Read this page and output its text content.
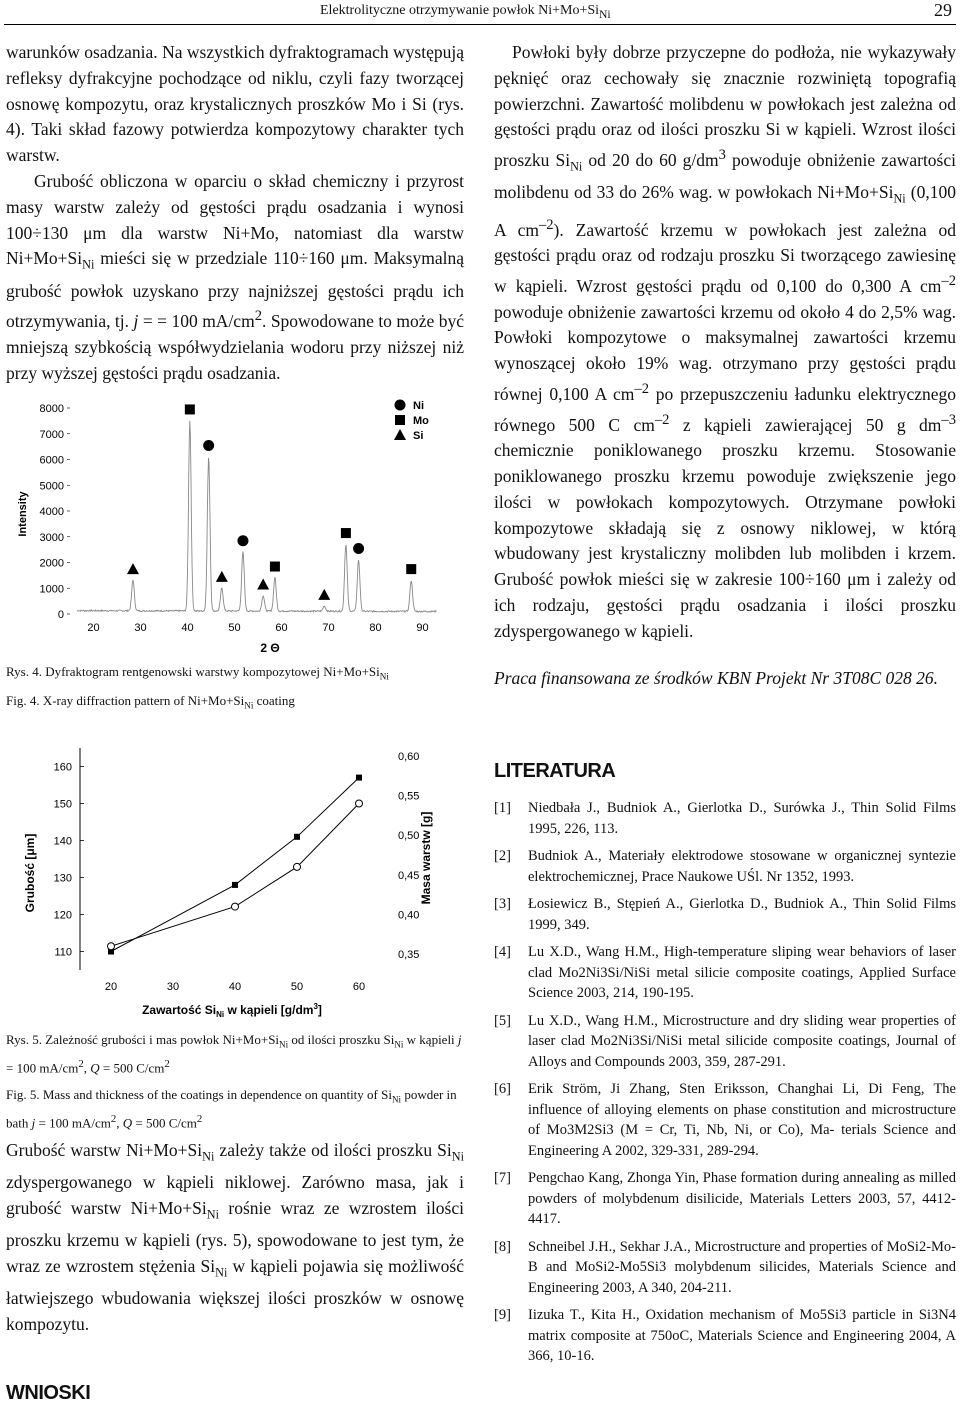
Elektrolityczne otrzymywanie powłok $Ni+Mo+Si_{Ni}$	29

warunków osadzania. Na wszystkich dyfraktogramach występują refleksy dyfrakcyjne pochodzące od niklu, czyli fazy tworzącej osnowę kompozytu, oraz krystalicznych proszków Mo i Si (rys. 4). Taki skład fazowy potwierdza kompozytowy charakter tych warstw.

Grubość obliczona w oparciu o skład chemiczny i przyrost masy warstw zależy od gęstości prądu osadzania i wynosi 100÷130 μm dla warstw Ni+Mo, natomiast dla warstw $Ni+Mo+Si_{Ni}$ mieści się w przedziale 110÷160 μm. Maksymalną grubość powłok uzyskano przy najniższej gęstości prądu ich otrzymywania, tj. j = = 100 $mA/cm^2$. Spowodowane to może być mniejszą szybkością współwydzielania wodoru przy niższej niż przy wyższej gęstości prądu osadzania.

Intensity
2 Θ
0
1000
2000
3000
4000
5000
6000
7000
8000
20	30	40	50	60	70	80	90
Ni
Mo
Si
Rys. 4. Dyfraktogram rentgenowski warstwy kompozytowej $Ni+Mo+Si_{Ni}$
Fig. 4. X-ray diffraction pattern of $Ni+Mo+Si_{Ni}$ coating
Grubość [μm]	Masa warstw [g]
Zawartość $Si_{Ni}$ w kąpieli $[g/dm^3]$
110
120
130
140
150
160
0,35
0,40
0,45
0,50
0,55
0,60
20	30	40	50	60
Rys. 5. Zależność grubości i mas powłok $Ni+Mo+Si_{Ni}$ od ilości proszku $Si_{Ni}$ w kąpieli j = 100 $mA/cm^2$, Q = 500 $C/cm^2$
Fig. 5. Mass and thickness of the coatings in dependence on quantity of $Si_{Ni}$ powder in bath j = 100 $mA/cm^2$, Q = 500 $C/cm^2$

Grubość warstw $Ni+Mo+Si_{Ni}$ zależy także od ilości proszku $Si_{Ni}$ zdyspergowanego w kąpieli niklowej. Zarówno masa, jak i grubość warstw $Ni+Mo+Si_{Ni}$ rośnie wraz ze wzrostem ilości proszku krzemu w kąpieli (rys. 5), spowodowane to jest tym, że wraz ze wzrostem stężenia $Si_{Ni}$ w kąpieli pojawia się możliwość łatwiejszego wbudowania większej ilości proszków w osnowę kompozytu.

WNIOSKI

Powłoki były dobrze przyczepne do podłoża, nie wykazywały pęknięć oraz cechowały się znacznie rozwiniętą topografią powierzchni. Zawartość molibdenu w powłokach jest zależna od gęstości prądu oraz od ilości proszku Si w kąpieli. Wzrost ilości proszku $Si_{Ni}$ od 20 do 60 $g/dm^3$ powoduje obniżenie zawartości molibdenu od 33 do 26% wag. w powłokach $Ni+Mo+Si_{Ni}$ (0,100 A $cm^{-2}$). Zawartość krzemu w powłokach jest zależna od gęstości prądu oraz od rodzaju proszku Si tworzącego zawiesinę w kąpieli. Wzrost gęstości prądu od 0,100 do 0,300 A $cm^{-2}$ powoduje obniżenie zawartości krzemu od około 4 do 2,5% wag. Powłoki kompozytowe o maksymalnej zawartości krzemu wynoszącej około 19% wag. otrzymano przy gęstości prądu równej 0,100 A $cm^{-2}$ po przepuszczeniu ładunku elektrycznego równego 500 C $cm^{-2}$ z kąpieli zawierającej 50 g $dm^{-3}$ chemicznie poniklowanego proszku krzemu. Stosowanie poniklowanego proszku krzemu powoduje zwiększenie jego ilości w powłokach kompozytowych. Otrzymane powłoki kompozytowe składają się z osnowy niklowej, w którą wbudowany jest krystaliczny molibden lub molibden i krzem. Grubość powłok mieści się w zakresie 100÷160 μm i zależy od ich rodzaju, gęstości prądu osadzania i ilości proszku zdyspergowanego w kąpieli.

Praca finansowana ze środków KBN Projekt Nr 3T08C 028 26.
LITERATURA
[1]	Niedbała J., Budniok A., Gierlotka D., Surówka J., Thin Solid Films 1995, 226, 113.
[2]	Budniok A., Materiały elektrodowe stosowane w organicznej syntezie elektrochemicznej, Prace Naukowe UŚl. Nr 1352, 1993.
[3]	Łosiewicz B., Stępień A., Gierlotka D., Budniok A., Thin Solid Films 1999, 349.
[4]	Lu X.D., Wang H.M., High-temperature sliping wear behaviors of laser clad Mo2Ni3Si/NiSi metal silicie composite coatings, Applied Surface Science 2003, 214, 190-195.
[5]	Lu X.D., Wang H.M., Microstructure and dry sliding wear properties of laser clad Mo2Ni3Si/NiSi metal silicide composite coatings, Journal of Alloys and Compounds 2003, 359, 287-291.
[6]	Erik Ström, Ji Zhang, Sten Eriksson, Changhai Li, Di Feng, The influence of alloying elements on phase constitution and microstructure of Mo3M2Si3 (M = Cr, Ti, Nb, Ni, or Co), Ma- terials Science and Engineering A 2002, 329-331, 289-294.
[7]	Pengchao Kang, Zhonga Yin, Phase formation during annealing as milled powders of molybdenum disilicide, Materials Letters 2003, 57, 4412-4417.
[8]	Schneibel J.H., Sekhar J.A., Microstructure and properties of MoSi2-Mo-B and MoSi2-Mo5Si3 molybdenum silicides, Materials Science and Engineering 2003, A 340, 204-211.
[9]	Iizuka T., Kita H., Oxidation mechanism of Mo5Si3 particle in Si3N4 matrix composite at 750oC, Materials Science and Engineering 2004, A 366, 10-16.
